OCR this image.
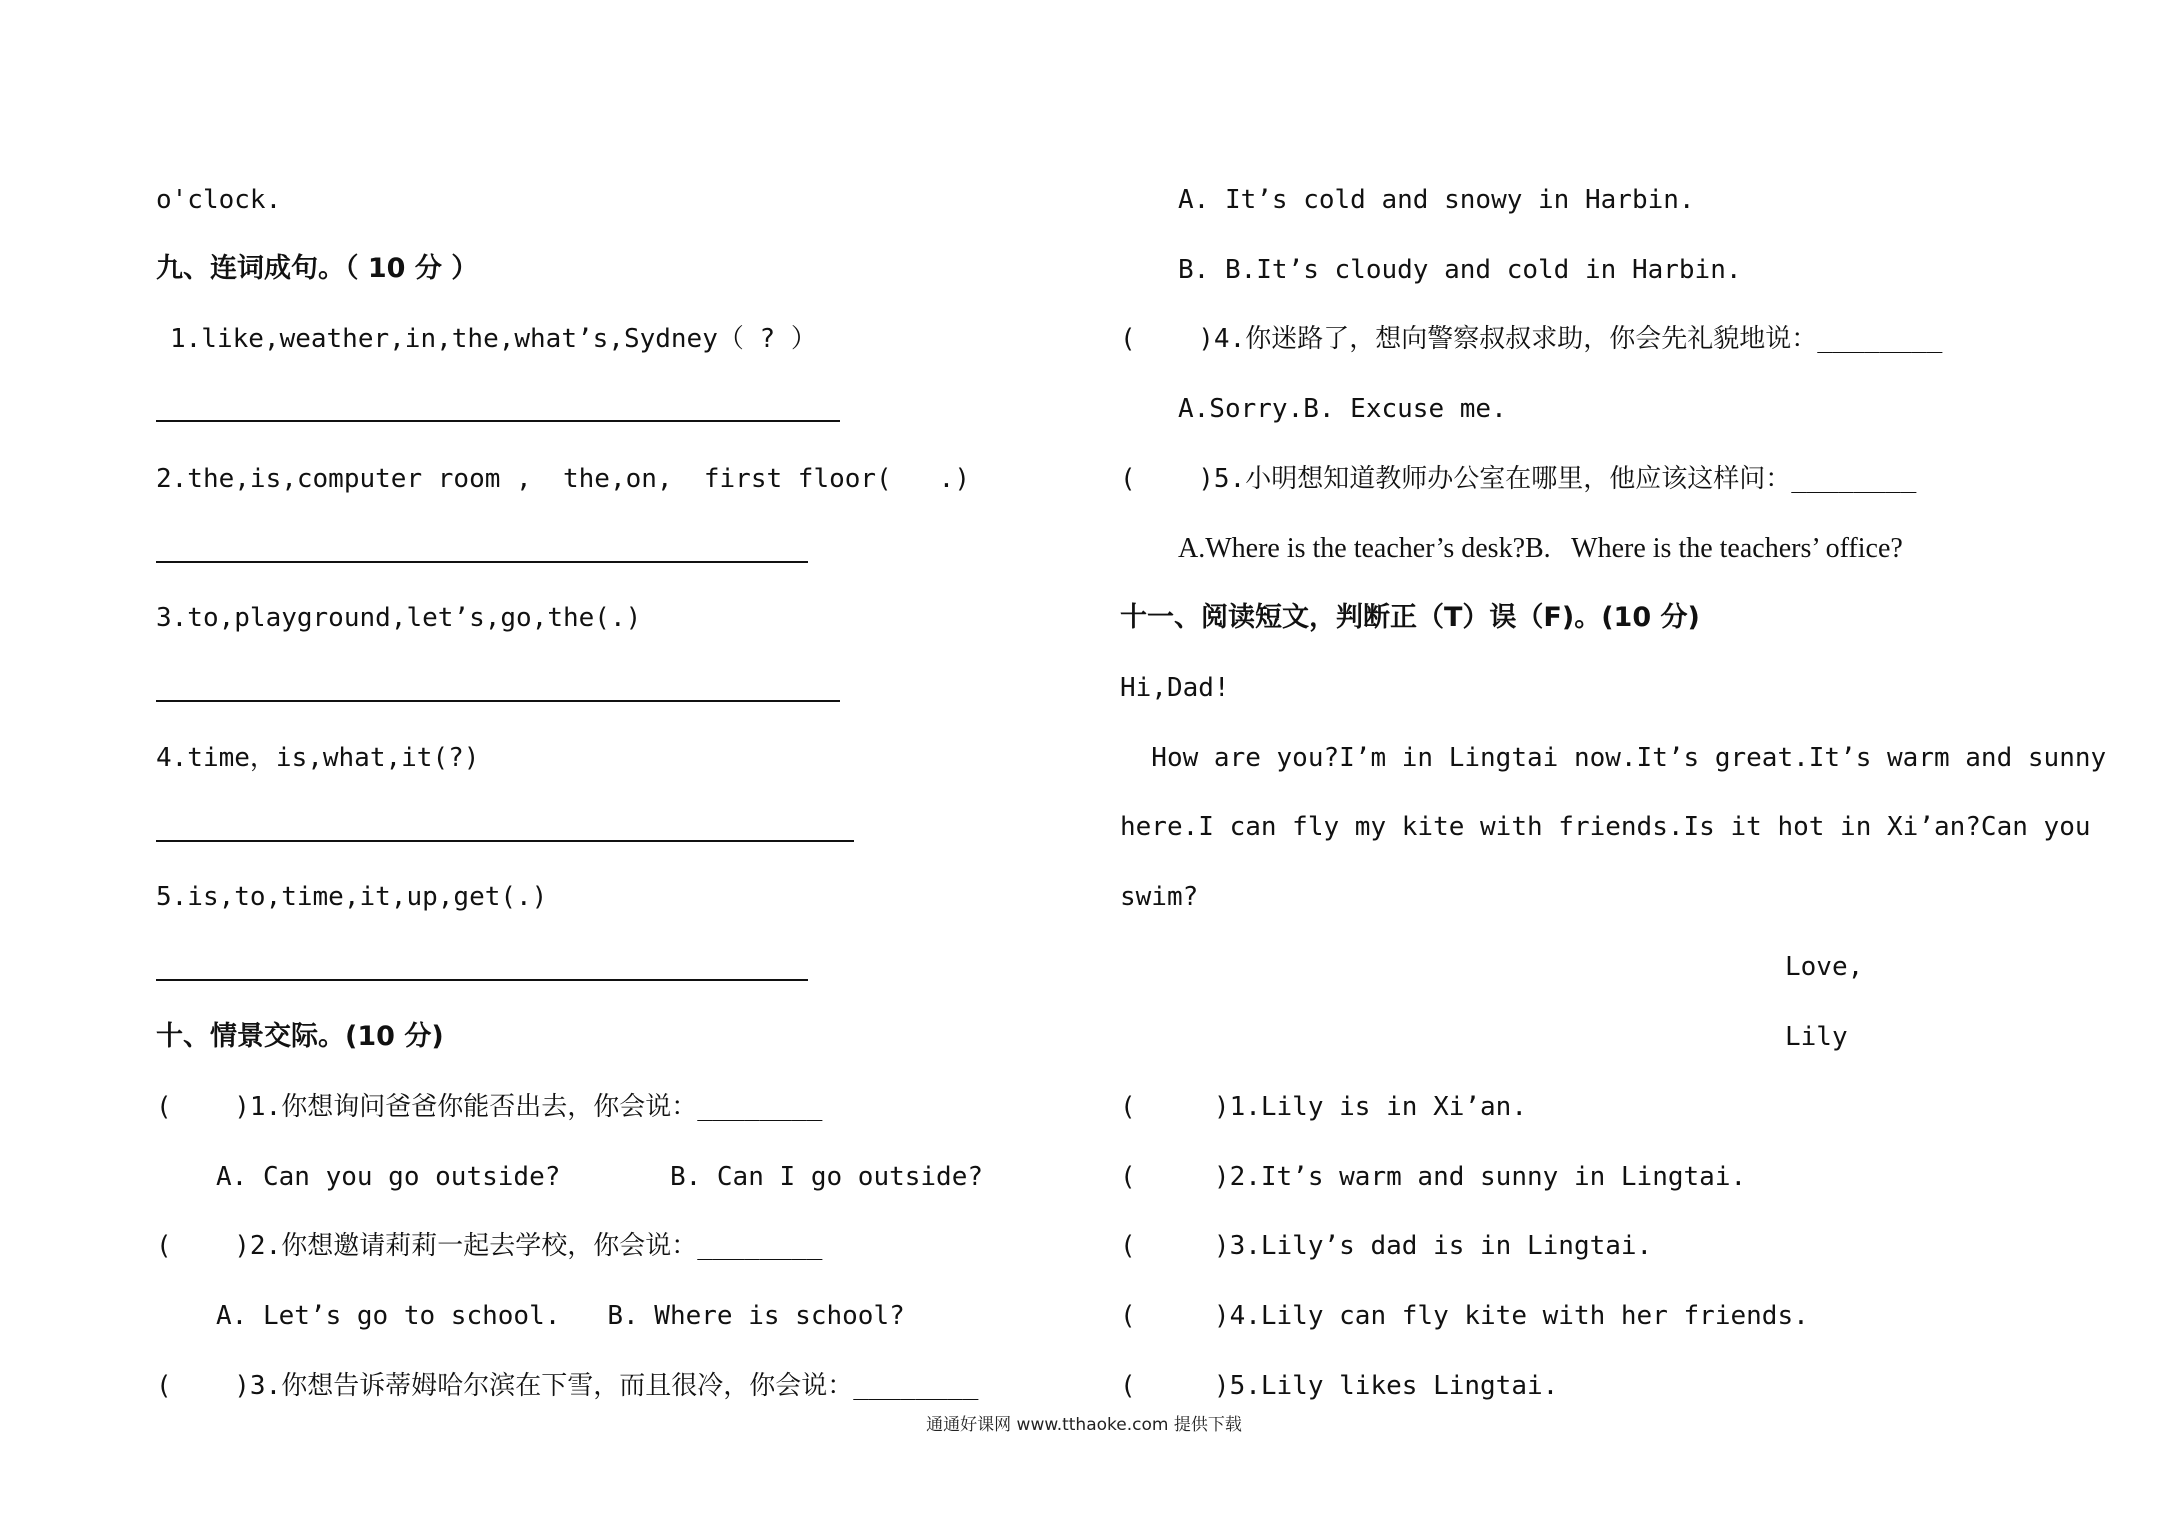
o'clock.
九、连词成句。（ 10 分 ）
1.like,weather,in,the,what’s,Sydney（ ? ）
2.the,is,computer room ,  the,on,  first floor(   .)
3.to,playground,let’s,go,the(.)
4.time，is,what,it(?)
5.is,to,time,it,up,get(.)
十、情景交际。(10 分)
(    )1.你想询问爸爸你能否出去，你会说：________
A. Can you go outside?       B. Can I go outside?
(    )2.你想邀请莉莉一起去学校，你会说：________
A. Let’s go to school.   B. Where is school?
(    )3.你想告诉蒂姆哈尔滨在下雪，而且很冷，你会说：________
A. It’s cold and snowy in Harbin.
B. B.It’s cloudy and cold in Harbin.
(    )4.你迷路了，想向警察叔叔求助，你会先礼貌地说：________
A.Sorry.B. Excuse me.
(    )5.小明想知道教师办公室在哪里，他应该这样问：________
A.Where is the teacher’s desk?B.   Where is the teachers’ office?
十一、阅读短文，判断正（T）误（F)。(10 分)
Hi,Dad!
How are you?I’m in Lingtai now.It’s great.It’s warm and sunny
here.I can fly my kite with friends.Is it hot in Xi’an?Can you
swim?
Love,
Lily
(     )1.Lily is in Xi’an.
(     )2.It’s warm and sunny in Lingtai.
(     )3.Lily’s dad is in Lingtai.
(     )4.Lily can fly kite with her friends.
(     )5.Lily likes Lingtai.
通通好课网 www.tthaoke.com 提供下载
